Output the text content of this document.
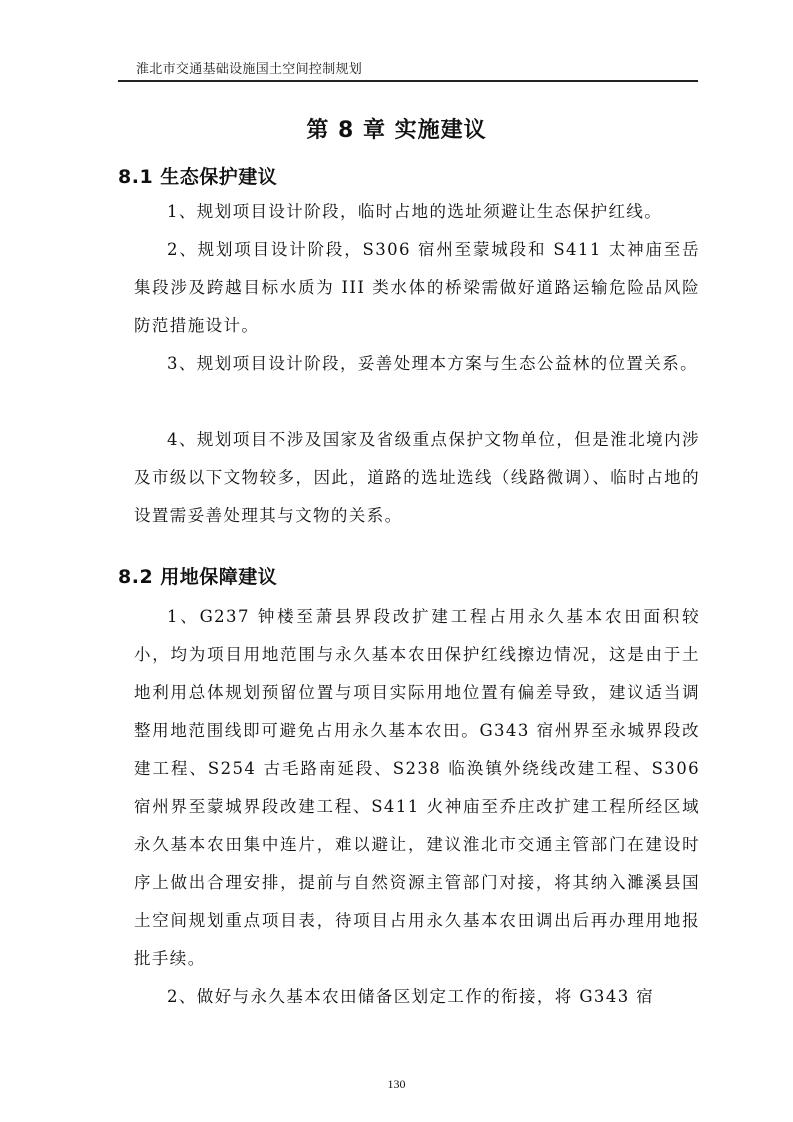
淮北市交通基础设施国土空间控制规划
第 8 章 实施建议
8.1 生态保护建议

1、规划项目设计阶段，临时占地的选址须避让生态保护红线。

2、规划项目设计阶段，S306 宿州至蒙城段和 S411 太神庙至岳集段涉及跨越目标水质为 III 类水体的桥梁需做好道路运输危险品风险防范措施设计。

3、规划项目设计阶段，妥善处理本方案与生态公益林的位置关系。

4、规划项目不涉及国家及省级重点保护文物单位，但是淮北境内涉及市级以下文物较多，因此，道路的选址选线（线路微调）、临时占地的设置需妥善处理其与文物的关系。

8.2 用地保障建议

1、G237 钟楼至萧县界段改扩建工程占用永久基本农田面积较小，均为项目用地范围与永久基本农田保护红线擦边情况，这是由于土地利用总体规划预留位置与项目实际用地位置有偏差导致，建议适当调整用地范围线即可避免占用永久基本农田。G343 宿州界至永城界段改建工程、S254 古毛路南延段、S238 临涣镇外绕线改建工程、S306 宿州界至蒙城界段改建工程、S411 火神庙至乔庄改扩建工程所经区域永久基本农田集中连片，难以避让，建议淮北市交通主管部门在建设时序上做出合理安排，提前与自然资源主管部门对接，将其纳入濉溪县国土空间规划重点项目表，待项目占用永久基本农田调出后再办理用地报批手续。

2、做好与永久基本农田储备区划定工作的衔接，将 G343 宿

130
